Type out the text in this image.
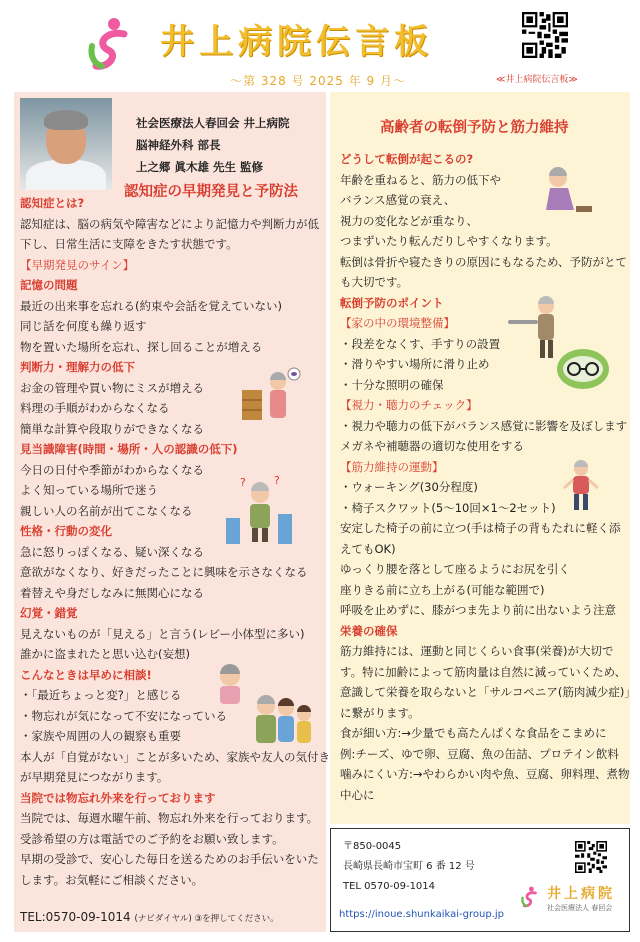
井上病院伝言板
〜第 328 号 2025 年 9 月〜	≪井上病院伝言板≫
社会医療法人春回会 井上病院
脳神経外科 部長
上之郷 眞木雄 先生 監修
認知症の早期発見と予防法
認知症とは?
認知症は、脳の病気や障害などにより記憶力や判断力が低
下し、日常生活に支障をきたす状態です。
【早期発見のサイン】
記憶の問題
最近の出来事を忘れる(約束や会話を覚えていない)
同じ話を何度も繰り返す
物を置いた場所を忘れ、探し回ることが増える
判断力・理解力の低下
お金の管理や買い物にミスが増える
料理の手順がわからなくなる
簡単な計算や段取りができなくなる
見当識障害(時間・場所・人の認識の低下)
今日の日付や季節がわからなくなる
よく知っている場所で迷う
親しい人の名前が出てこなくなる
性格・行動の変化
急に怒りっぽくなる、疑い深くなる
意欲がなくなり、好きだったことに興味を示さなくなる
着替えや身だしなみに無関心になる
幻覚・錯覚
見えないものが「見える」と言う(レビー小体型に多い)
誰かに盗まれたと思い込む(妄想)
こんなときは早めに相談!
・「最近ちょっと変?」と感じる
・物忘れが気になって不安になっている
・家族や周囲の人の観察も重要
本人が「自覚がない」ことが多いため、家族や友人の気付き
が早期発見につながります。
当院では物忘れ外来を行っております
当院では、毎週水曜午前、物忘れ外来を行っております。
受診希望の方は電話でのご予約をお願い致します。
早期の受診で、安心した毎日を送るためのお手伝いをいた
します。お気軽にご相談ください。
TEL:0570-09-1014 (ナビダイヤル) ③を押してください。
高齢者の転倒予防と筋力維持
どうして転倒が起こるの?
年齢を重ねると、筋力の低下や
バランス感覚の衰え、
視力の変化などが重なり、
つまずいたり転んだりしやすくなります。
転倒は骨折や寝たきりの原因にもなるため、予防がとて
も大切です。
転倒予防のポイント
【家の中の環境整備】
・段差をなくす、手すりの設置
・滑りやすい場所に滑り止め
・十分な照明の確保
【視力・聴力のチェック】
・視力や聴力の低下がバランス感覚に影響を及ぼします
メガネや補聴器の適切な使用をする
【筋力維持の運動】
・ウォーキング(30分程度)
・椅子スクワット(5〜10回×1〜2セット)
安定した椅子の前に立つ(手は椅子の背もたれに軽く添
えてもOK)
ゆっくり腰を落として座るようにお尻を引く
座りきる前に立ち上がる(可能な範囲で)
呼吸を止めずに、膝がつま先より前に出ないよう注意
栄養の確保
筋力維持には、運動と同じくらい食事(栄養)が大切で
す。特に加齢によって筋肉量は自然に減っていくため、
意識して栄養を取らないと「サルコペニア(筋肉減少症)」
に繋がります。
食が細い方:→少量でも高たんぱくな食品をこまめに
例:チーズ、ゆで卵、豆腐、魚の缶詰、プロテイン飲料
噛みにくい方:→やわらかい肉や魚、豆腐、卵料理、煮物
中心に
?	?
〒850-0045
長崎県長崎市宝町 6 番 12 号
TEL 0570-09-1014
https://inoue.shunkaikai-group.jp
井上病院
社会医療法人 春回会
